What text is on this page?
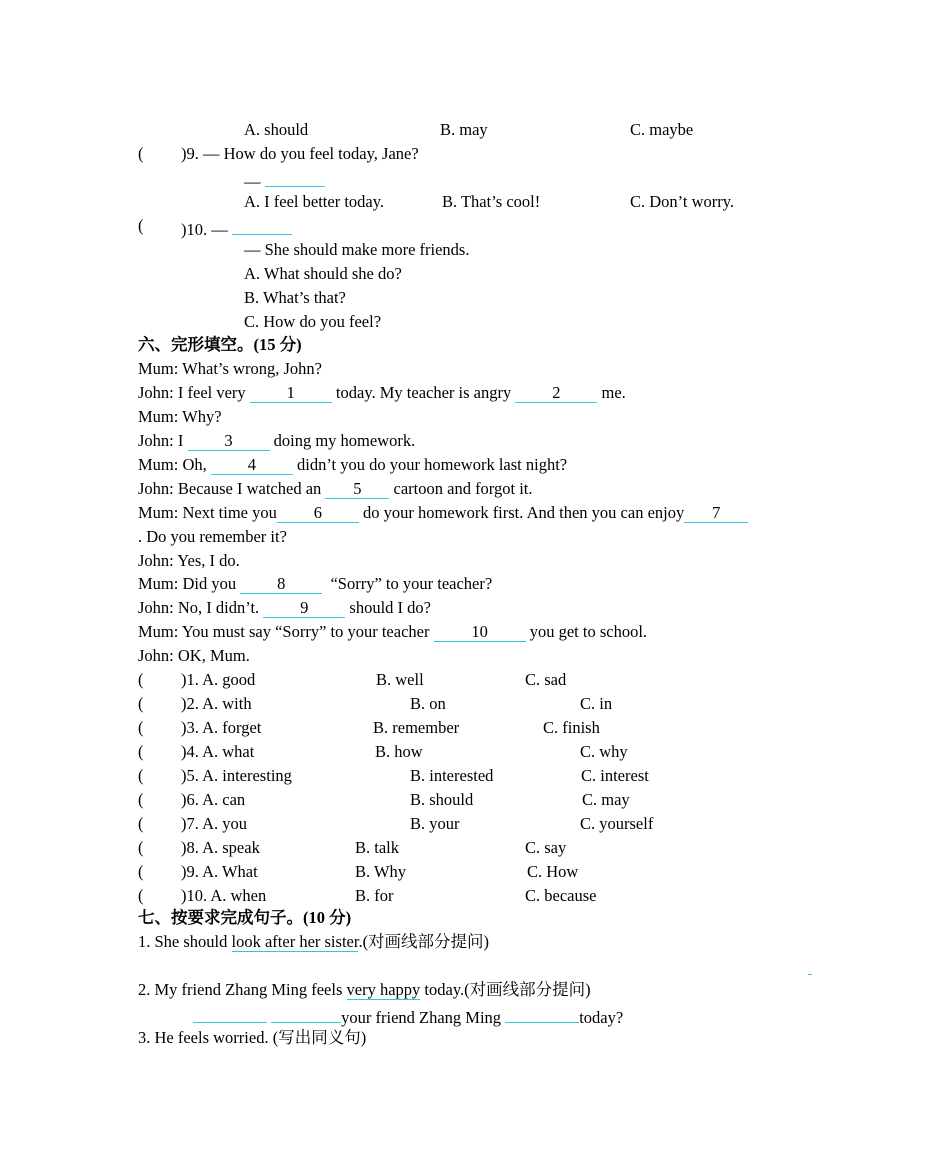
A. should	B. may	C. maybe
( )9. — How do you feel today, Jane?
—
A. I feel better today.	B. That’s cool!	C. Don’t worry.
( )10. —
— She should make more friends.
A. What should she do?
B. What’s that?
C. How do you feel?
六、完形填空。(15 分)
Mum: What’s wrong, John?
John: I feel very 1 today. My teacher is angry 2 me.
Mum: Why?
John: I 3 doing my homework.
Mum: Oh, 4 didn’t you do your homework last night?
John: Because I watched an 5 cartoon and forgot it.
Mum: Next time you 6 do your homework first. And then you can enjoy 7
. Do you remember it?
John: Yes, I do.
Mum: Did you 8	“Sorry” to your teacher?
John: No, I didn’t. 9 should I do?
Mum: You must say “Sorry” to your teacher	10	you get to school.
John: OK, Mum.
( )1. A. good	B. well	C. sad
( )2. A. with	B. on	C. in
( )3. A. forget	B. remember	C. finish
( )4. A. what	B. how	C. why
( )5. A. interesting	B. interested	C. interest
( )6. A. can	B. should	C. may
( )7. A. you	B. your	C. yourself
( )8. A. speak	B. talk	C. say
( )9. A. What	B. Why	C. How
( )10. A. when	B. for	C. because
七、按要求完成句子。(10 分)
1. She should look after her sister.(对画线部分提问)
2. My friend Zhang Ming feels very happy today.(对画线部分提问)
your friend Zhang Ming	today?
3. He feels worried. (写出同义句)
